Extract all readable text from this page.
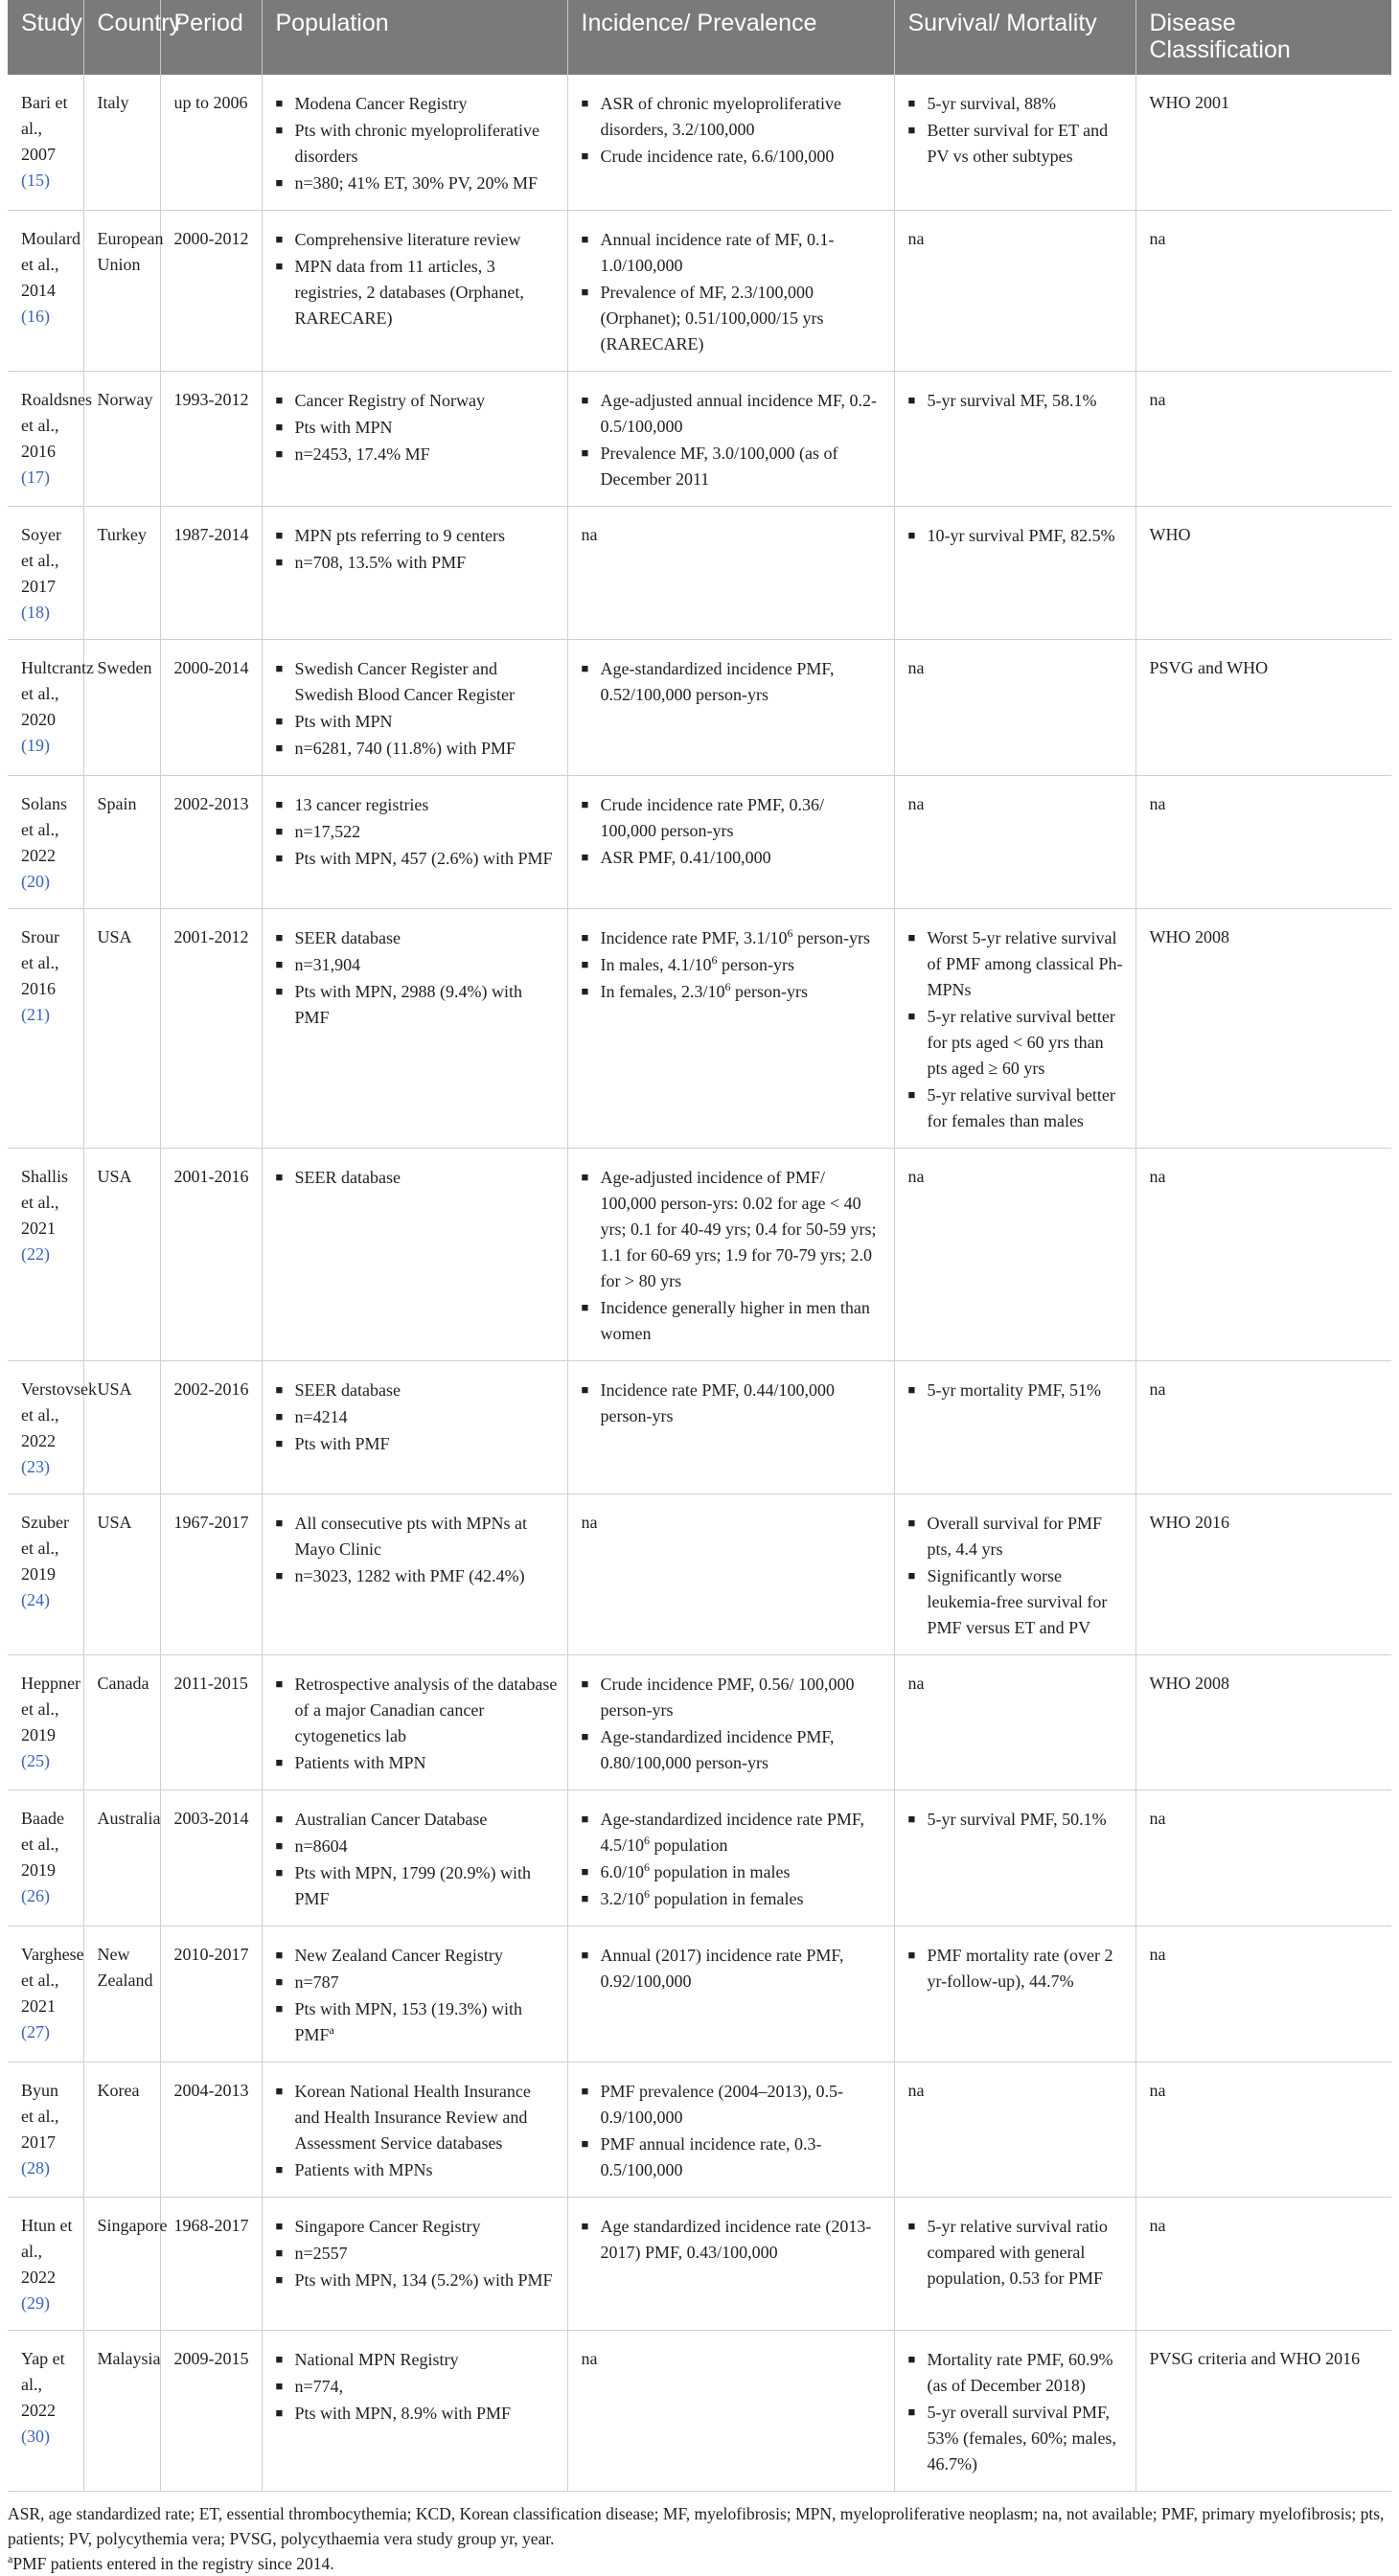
Study	Country	Period	Population	Incidence/ Prevalence	Survival/ Mortality	Disease Classification
Bari et al., 2007 (15)	Italy	up to 2006	■ Modena Cancer Registry
■ Pts with chronic myeloproliferative disorders
■ n=380; 41% ET, 30% PV, 20% MF	■ ASR of chronic myeloproliferative disorders, 3.2/100,000
■ Crude incidence rate, 6.6/100,000	■ 5-yr survival, 88%
■ Better survival for ET and PV vs other subtypes	WHO 2001
Moulard et al., 2014 (16)	European Union	2000-2012	■ Comprehensive literature review
■ MPN data from 11 articles, 3 registries, 2 databases (Orphanet, RARECARE)	■ Annual incidence rate of MF, 0.1-1.0/100,000
■ Prevalence of MF, 2.3/100,000 (Orphanet); 0.51/100,000/15 yrs (RARECARE)	na	na
Roaldsnes et al., 2016 (17)	Norway	1993-2012	■ Cancer Registry of Norway
■ Pts with MPN
■ n=2453, 17.4% MF	■ Age-adjusted annual incidence MF, 0.2-0.5/100,000
■ Prevalence MF, 3.0/100,000 (as of December 2011	■ 5-yr survival MF, 58.1%	na
Soyer et al., 2017 (18)	Turkey	1987-2014	■ MPN pts referring to 9 centers
■ n=708, 13.5% with PMF	na	■ 10-yr survival PMF, 82.5%	WHO
Hultcrantz et al., 2020 (19)	Sweden	2000-2014	■ Swedish Cancer Register and Swedish Blood Cancer Register
■ Pts with MPN
■ n=6281, 740 (11.8%) with PMF	■ Age-standardized incidence PMF, 0.52/100,000 person-yrs	na	PSVG and WHO
Solans et al., 2022 (20)	Spain	2002-2013	■ 13 cancer registries
■ n=17,522
■ Pts with MPN, 457 (2.6%) with PMF	■ Crude incidence rate PMF, 0.36/ 100,000 person-yrs
■ ASR PMF, 0.41/100,000	na	na
Srour et al., 2016 (21)	USA	2001-2012	■ SEER database
■ n=31,904
■ Pts with MPN, 2988 (9.4%) with PMF	■ Incidence rate PMF, $3.1/10^6$ person-yrs
■ In males, $4.1/10^6$ person-yrs
■ In females, $2.3/10^6$ person-yrs	■ Worst 5-yr relative survival of PMF among classical Ph- MPNs
■ 5-yr relative survival better for pts aged < 60 yrs than pts aged ≥ 60 yrs
■ 5-yr relative survival better for females than males	WHO 2008
Shallis et al., 2021 (22)	USA	2001-2016	■ SEER database	■ Age-adjusted incidence of PMF/ 100,000 person-yrs: 0.02 for age < 40 yrs; 0.1 for 40-49 yrs; 0.4 for 50-59 yrs; 1.1 for 60-69 yrs; 1.9 for 70-79 yrs; 2.0 for > 80 yrs
■ Incidence generally higher in men than women	na	na
Verstovsek et al., 2022 (23)	USA	2002-2016	■ SEER database
■ n=4214
■ Pts with PMF	■ Incidence rate PMF, 0.44/100,000 person-yrs	■ 5-yr mortality PMF, 51%	na
Szuber et al., 2019 (24)	USA	1967-2017	■ All consecutive pts with MPNs at Mayo Clinic
■ n=3023, 1282 with PMF (42.4%)	na	■ Overall survival for PMF pts, 4.4 yrs
■ Significantly worse leukemia-free survival for PMF versus ET and PV	WHO 2016
Heppner et al., 2019 (25)	Canada	2011-2015	■ Retrospective analysis of the database of a major Canadian cancer cytogenetics lab
■ Patients with MPN	■ Crude incidence PMF, 0.56/ 100,000 person-yrs
■ Age-standardized incidence PMF, 0.80/100,000 person-yrs	na	WHO 2008
Baade et al., 2019 (26)	Australia	2003-2014	■ Australian Cancer Database
■ n=8604
■ Pts with MPN, 1799 (20.9%) with PMF	■ Age-standardized incidence rate PMF, $4.5/10^6$ population
■ $6.0/10^6$ population in males
■ $3.2/10^6$ population in females	■ 5-yr survival PMF, 50.1%	na
Varghese et al., 2021 (27)	New Zealand	2010-2017	■ New Zealand Cancer Registry
■ n=787
■ Pts with MPN, 153 (19.3%) with PMF$^a$	■ Annual (2017) incidence rate PMF, 0.92/100,000	■ PMF mortality rate (over 2 yr-follow-up), 44.7%	na
Byun et al., 2017 (28)	Korea	2004-2013	■ Korean National Health Insurance and Health Insurance Review and Assessment Service databases
■ Patients with MPNs	■ PMF prevalence (2004–2013), 0.5-0.9/100,000
■ PMF annual incidence rate, 0.3-0.5/100,000	na	na
Htun et al., 2022 (29)	Singapore	1968-2017	■ Singapore Cancer Registry
■ n=2557
■ Pts with MPN, 134 (5.2%) with PMF	■ Age standardized incidence rate (2013-2017) PMF, 0.43/100,000	■ 5-yr relative survival ratio compared with general population, 0.53 for PMF	na
Yap et al., 2022 (30)	Malaysia	2009-2015	■ National MPN Registry
■ n=774,
■ Pts with MPN, 8.9% with PMF	na	■ Mortality rate PMF, 60.9% (as of December 2018)
■ 5-yr overall survival PMF, 53% (females, 60%; males, 46.7%)	PVSG criteria and WHO 2016

ASR, age standardized rate; ET, essential thrombocythemia; KCD, Korean classification disease; MF, myelofibrosis; MPN, myeloproliferative neoplasm; na, not available; PMF, primary myelofibrosis; pts, patients; PV, polycythemia vera; PVSG, polycythaemia vera study group yr, year.

$^a$PMF patients entered in the registry since 2014.
